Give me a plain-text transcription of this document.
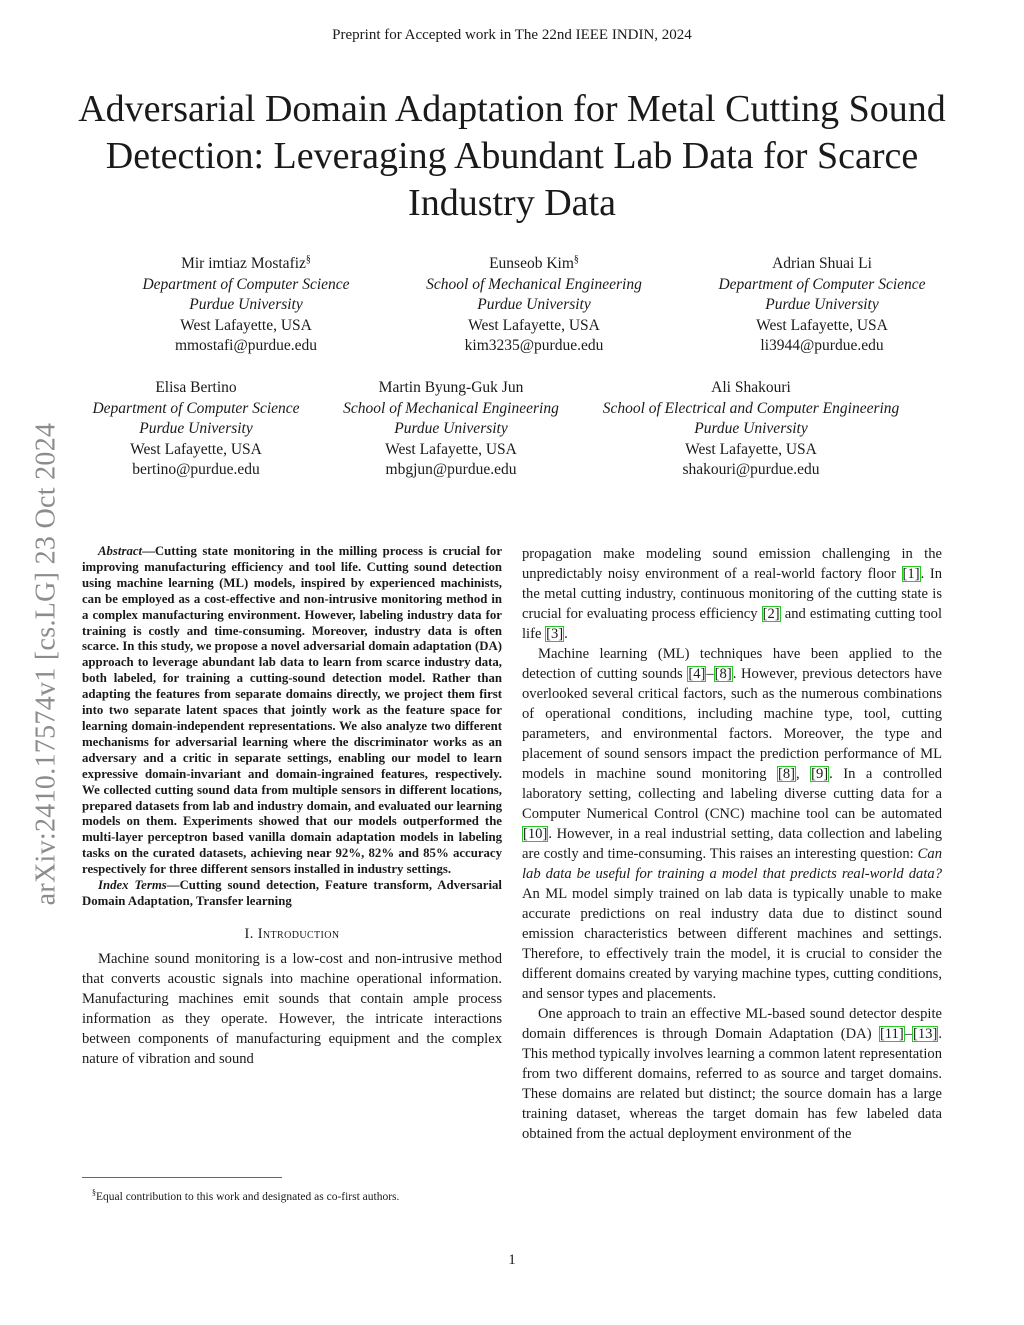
Preprint for Accepted work in The 22nd IEEE INDIN, 2024
arXiv:2410.17574v1 [cs.LG] 23 Oct 2024
Adversarial Domain Adaptation for Metal Cutting Sound Detection: Leveraging Abundant Lab Data for Scarce Industry Data
Mir imtiaz Mostafiz§
Department of Computer Science
Purdue University
West Lafayette, USA
mmostafi@purdue.edu
Eunseob Kim§
School of Mechanical Engineering
Purdue University
West Lafayette, USA
kim3235@purdue.edu
Adrian Shuai Li
Department of Computer Science
Purdue University
West Lafayette, USA
li3944@purdue.edu
Elisa Bertino
Department of Computer Science
Purdue University
West Lafayette, USA
bertino@purdue.edu
Martin Byung-Guk Jun
School of Mechanical Engineering
Purdue University
West Lafayette, USA
mbgjun@purdue.edu
Ali Shakouri
School of Electrical and Computer Engineering
Purdue University
West Lafayette, USA
shakouri@purdue.edu

Abstract—Cutting state monitoring in the milling process is crucial for improving manufacturing efficiency and tool life. Cutting sound detection using machine learning (ML) models, inspired by experienced machinists, can be employed as a cost-effective and non-intrusive monitoring method in a complex manufacturing environment. However, labeling industry data for training is costly and time-consuming. Moreover, industry data is often scarce. In this study, we propose a novel adversarial domain adaptation (DA) approach to leverage abundant lab data to learn from scarce industry data, both labeled, for training a cutting-sound detection model. Rather than adapting the features from separate domains directly, we project them first into two separate latent spaces that jointly work as the feature space for learning domain-independent representations. We also analyze two different mechanisms for adversarial learning where the discriminator works as an adversary and a critic in separate settings, enabling our model to learn expressive domain-invariant and domain-ingrained features, respectively. We collected cutting sound data from multiple sensors in different locations, prepared datasets from lab and industry domain, and evaluated our learning models on them. Experiments showed that our models outperformed the multi-layer perceptron based vanilla domain adaptation models in labeling tasks on the curated datasets, achieving near 92%, 82% and 85% accuracy respectively for three different sensors installed in industry settings.

Index Terms—Cutting sound detection, Feature transform, Adversarial Domain Adaptation, Transfer learning

I. Introduction

Machine sound monitoring is a low-cost and non-intrusive method that converts acoustic signals into machine operational information. Manufacturing machines emit sounds that contain ample process information as they operate. However, the intricate interactions between components of manufacturing equipment and the complex nature of vibration and sound

§Equal contribution to this work and designated as co-first authors.

propagation make modeling sound emission challenging in the unpredictably noisy environment of a real-world factory floor [1]. In the metal cutting industry, continuous monitoring of the cutting state is crucial for evaluating process efficiency [2] and estimating cutting tool life [3].

Machine learning (ML) techniques have been applied to the detection of cutting sounds [4]–[8]. However, previous detectors have overlooked several critical factors, such as the numerous combinations of operational conditions, including machine type, tool, cutting parameters, and environmental factors. Moreover, the type and placement of sound sensors impact the prediction performance of ML models in machine sound monitoring [8], [9]. In a controlled laboratory setting, collecting and labeling diverse cutting data for a Computer Numerical Control (CNC) machine tool can be automated [10]. However, in a real industrial setting, data collection and labeling are costly and time-consuming. This raises an interesting question: Can lab data be useful for training a model that predicts real-world data? An ML model simply trained on lab data is typically unable to make accurate predictions on real industry data due to distinct sound emission characteristics between different machines and settings. Therefore, to effectively train the model, it is crucial to consider the different domains created by varying machine types, cutting conditions, and sensor types and placements.

One approach to train an effective ML-based sound detector despite domain differences is through Domain Adaptation (DA) [11]–[13]. This method typically involves learning a common latent representation from two different domains, referred to as source and target domains. These domains are related but distinct; the source domain has a large training dataset, whereas the target domain has few labeled data obtained from the actual deployment environment of the

1
